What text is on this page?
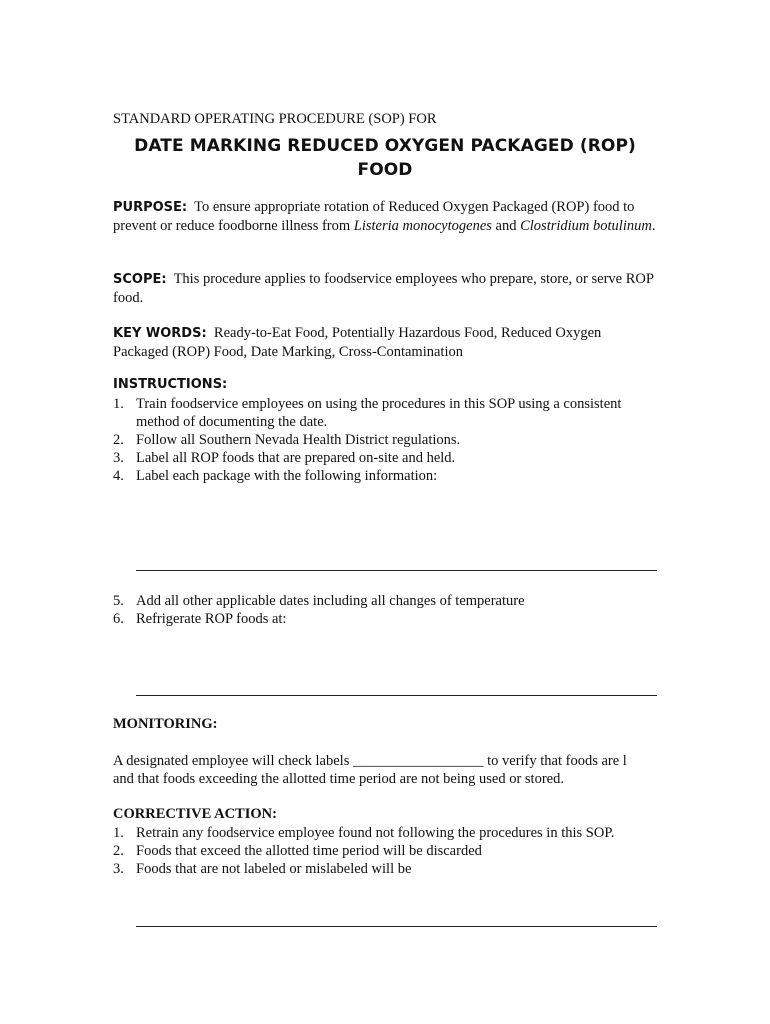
STANDARD OPERATING PROCEDURE (SOP) FOR
DATE MARKING REDUCED OXYGEN PACKAGED (ROP)
FOOD
PURPOSE: To ensure appropriate rotation of Reduced Oxygen Packaged (ROP) food to prevent or reduce foodborne illness from Listeria monocytogenes and Clostridium botulinum.
SCOPE: This procedure applies to foodservice employees who prepare, store, or serve ROP food.
KEY WORDS: Ready-to-Eat Food, Potentially Hazardous Food, Reduced Oxygen Packaged (ROP) Food, Date Marking, Cross-Contamination
INSTRUCTIONS:
1. Train foodservice employees on using the procedures in this SOP using a consistent method of documenting the date.
2. Follow all Southern Nevada Health District regulations.
3. Label all ROP foods that are prepared on-site and held.
4. Label each package with the following information:
5. Add all other applicable dates including all changes of temperature
6. Refrigerate ROP foods at:
MONITORING:
A designated employee will check labels __________________ to verify that foods are l
and that foods exceeding the allotted time period are not being used or stored.
CORRECTIVE ACTION:
1. Retrain any foodservice employee found not following the procedures in this SOP.
2. Foods that exceed the allotted time period will be discarded
3. Foods that are not labeled or mislabeled will be
